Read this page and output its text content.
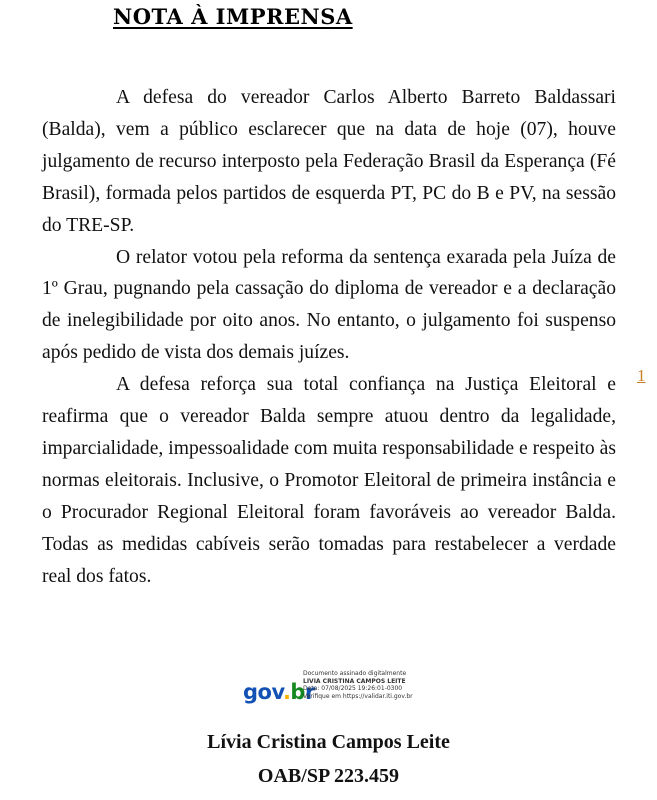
NOTA À IMPRENSA

A defesa do vereador Carlos Alberto Barreto Baldassari (Balda), vem a público esclarecer que na data de hoje (07), houve julgamento de recurso interposto pela Federação Brasil da Esperança (Fé Brasil), formada pelos partidos de esquerda PT, PC do B e PV, na sessão do TRE-SP.

O relator votou pela reforma da sentença exarada pela Juíza de 1º Grau, pugnando pela cassação do diploma de vereador e a declaração de inelegibilidade por oito anos. No entanto, o julgamento foi suspenso após pedido de vista dos demais juízes.

A defesa reforça sua total confiança na Justiça Eleitoral e reafirma que o vereador Balda sempre atuou dentro da legalidade, imparcialidade, impessoalidade com muita responsabilidade e respeito às normas eleitorais. Inclusive, o Promotor Eleitoral de primeira instância e o Procurador Regional Eleitoral foram favoráveis ao vereador Balda. Todas as medidas cabíveis serão tomadas para restabelecer a verdade real dos fatos.

1
gov.br
Documento assinado digitalmente
LIVIA CRISTINA CAMPOS LEITE
Data: 07/08/2025 19:26:01-0300
Verifique em https://validar.iti.gov.br
Lívia Cristina Campos Leite
OAB/SP 223.459
